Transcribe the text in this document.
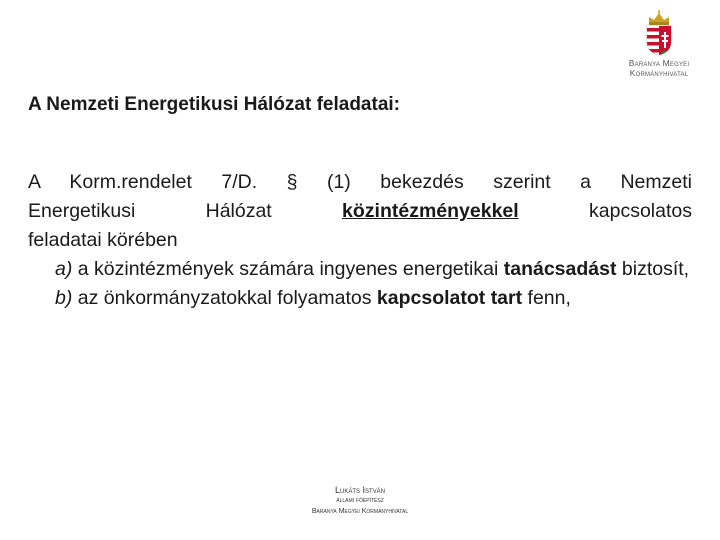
Baranya Megyei
Kormányhivatal
A Nemzeti Energetikusi Hálózat feladatai:
A Korm.rendelet 7/D. § (1) bekezdés szerint a Nemzeti
Energetikusi Hálózat közintézményekkel kapcsolatos
feladatai körében
a) a közintézmények számára ingyenes energetikai tanácsadást biztosít,
b) az önkormányzatokkal folyamatos kapcsolatot tart fenn,
Lukáts István
állami főépítész
Baranya Megyei Kormányhivatal
